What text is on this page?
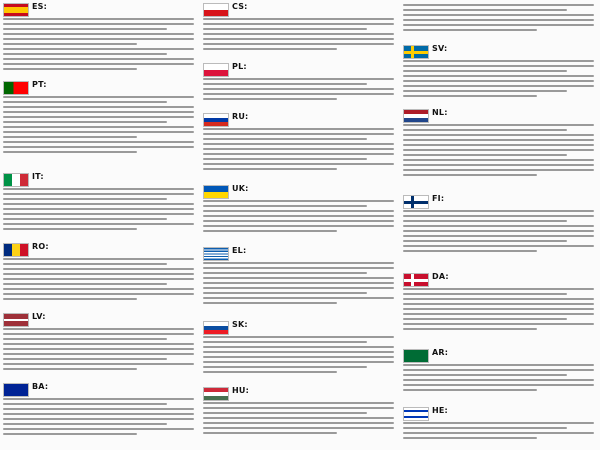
ES:
PT:
IT:
RO:
LV:
BA:
CS:
PL:
RU:
UK:
EL:
SK:
HU:
SV:
NL:
FI:
DA:
AR:
HE:
